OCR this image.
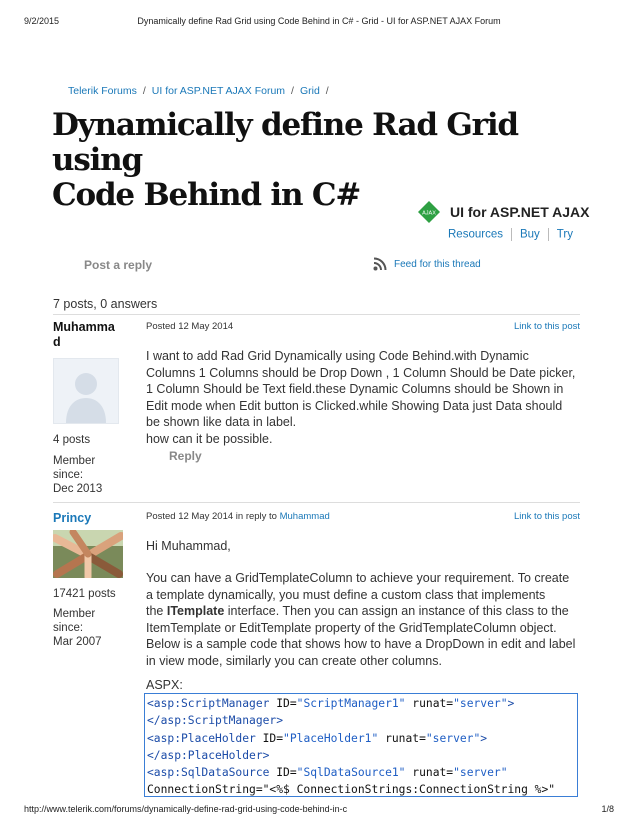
9/2/2015	Dynamically define Rad Grid using Code Behind in C# - Grid - UI for ASP.NET AJAX Forum
Telerik Forums / UI for ASP.NET AJAX Forum / Grid /
Dynamically define Rad Grid using
Code Behind in C#
AJAX UI for ASP.NET AJAX
Resources Buy Try
Post a reply	Feed for this thread
7 posts, 0 answers
Muhamma
d
4 posts
Member
since:
Dec 2013
Posted 12 May 2014	Link to this post
I want to add Rad Grid Dynamically using Code Behind.with Dynamic
Columns 1 Columns should be Drop Down , 1 Column Should be Date picker,
1 Column Should be Text field.these Dynamic Columns should be Shown in
Edit mode when Edit button is Clicked.while Showing Data just Data should
be shown like data in label.
how can it be possible.
Reply
Princy
17421 posts
Member
since:
Mar 2007
Posted 12 May 2014 in reply to Muhammad	Link to this post
Hi Muhammad,
You can have a GridTemplateColumn to achieve your requirement. To create
a template dynamically, you must define a custom class that implements
the ITemplate interface. Then you can assign an instance of this class to the
ItemTemplate or EditTemplate property of the GridTemplateColumn object.
Below is a sample code that shows how to have a DropDown in edit and label
in view mode, similarly you can create other columns.
ASPX:
<asp:ScriptManager ID="ScriptManager1" runat="server">
</asp:ScriptManager>
<asp:PlaceHolder ID="PlaceHolder1" runat="server">
</asp:PlaceHolder>
<asp:SqlDataSource ID="SqlDataSource1" runat="server"
ConnectionString="<%$ ConnectionStrings:ConnectionString %>"
http://www.telerik.com/forums/dynamically-define-rad-grid-using-code-behind-in-c	1/8
